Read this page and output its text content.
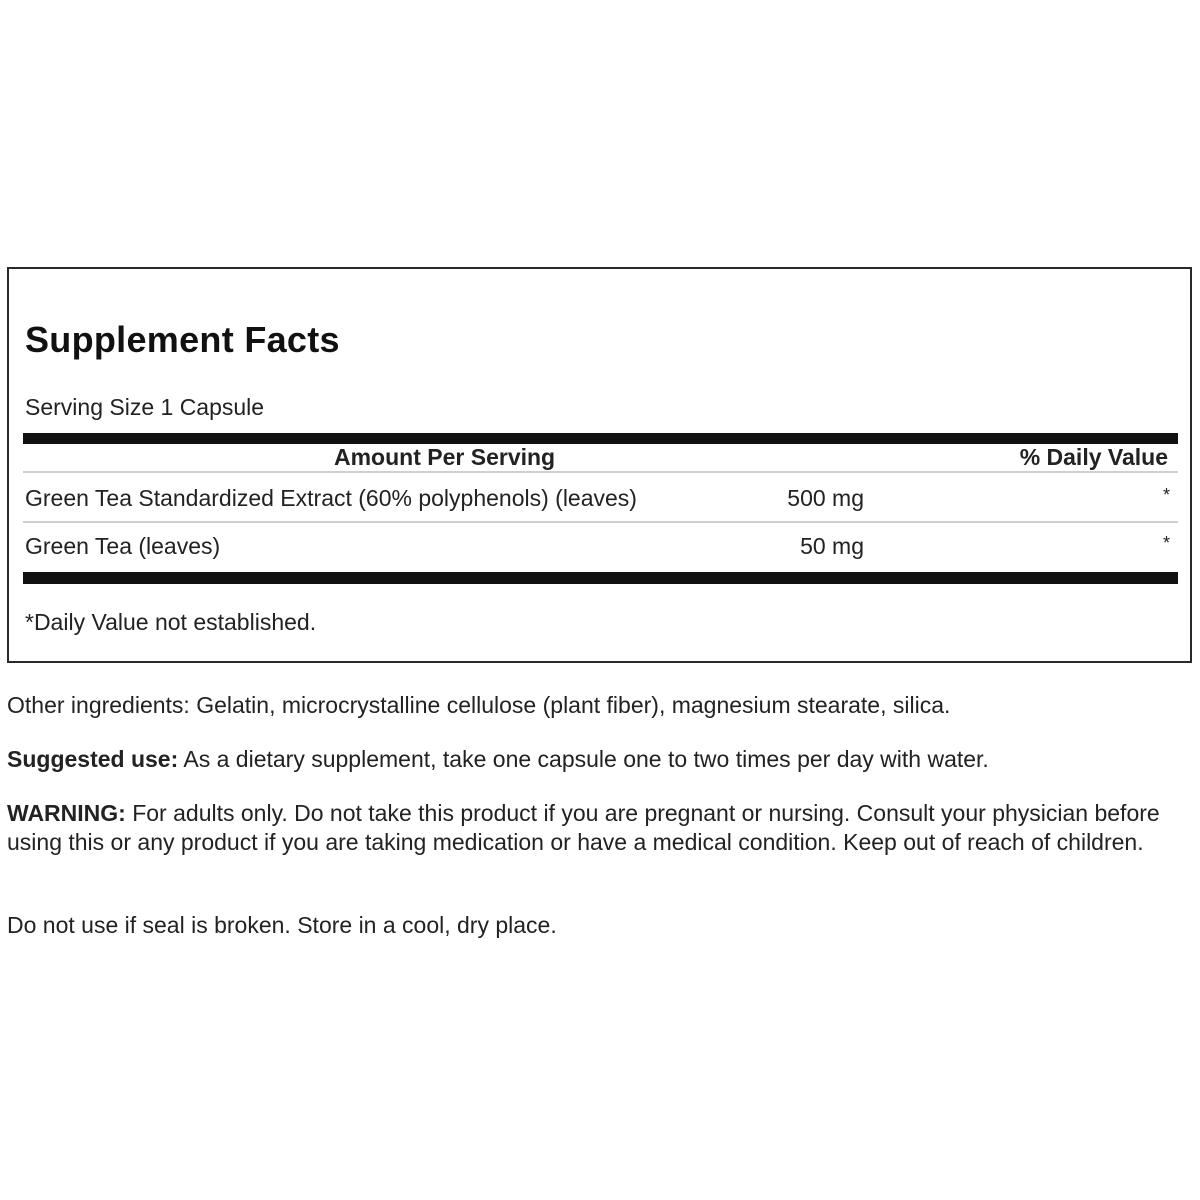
Supplement Facts
Serving Size 1 Capsule
Amount Per Serving	% Daily Value
Green Tea Standardized Extract (60% polyphenols) (leaves)	500 mg	*
Green Tea (leaves)	50 mg	*
*Daily Value not established.
Other ingredients: Gelatin, microcrystalline cellulose (plant fiber), magnesium stearate, silica.
Suggested use: As a dietary supplement, take one capsule one to two times per day with water.
WARNING: For adults only. Do not take this product if you are pregnant or nursing. Consult your physician before using this or any product if you are taking medication or have a medical condition. Keep out of reach of children.
Do not use if seal is broken. Store in a cool, dry place.
